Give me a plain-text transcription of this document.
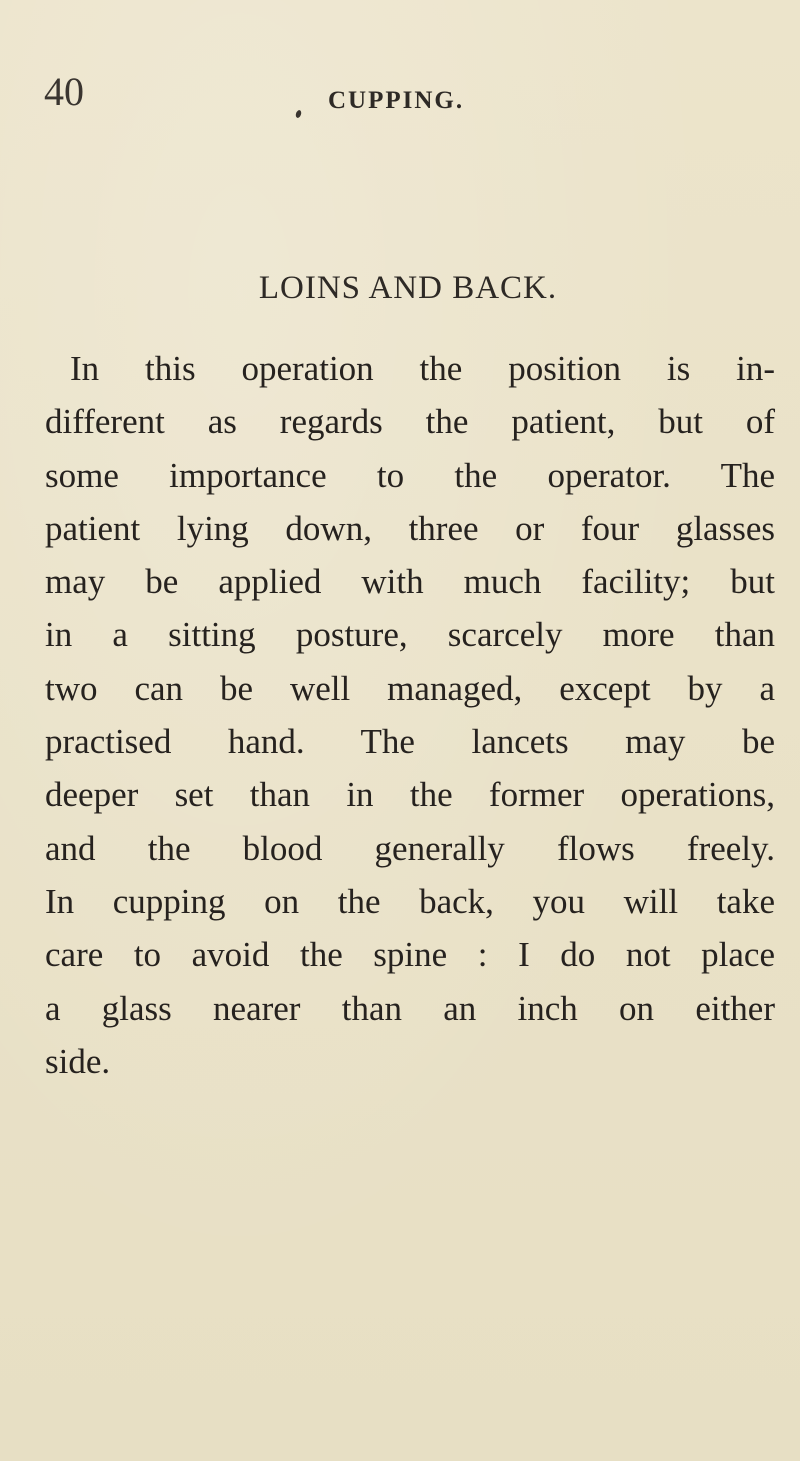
40	CUPPING.
LOINS AND BACK.
In this operation the position is in-
different as regards the patient, but of
some importance to the operator. The
patient lying down, three or four glasses
may be applied with much facility; but
in a sitting posture, scarcely more than
two can be well managed, except by a
practised hand. The lancets may be
deeper set than in the former operations,
and the blood generally flows freely.
In cupping on the back, you will take
care to avoid the spine : I do not place
a glass nearer than an inch on either
side.
